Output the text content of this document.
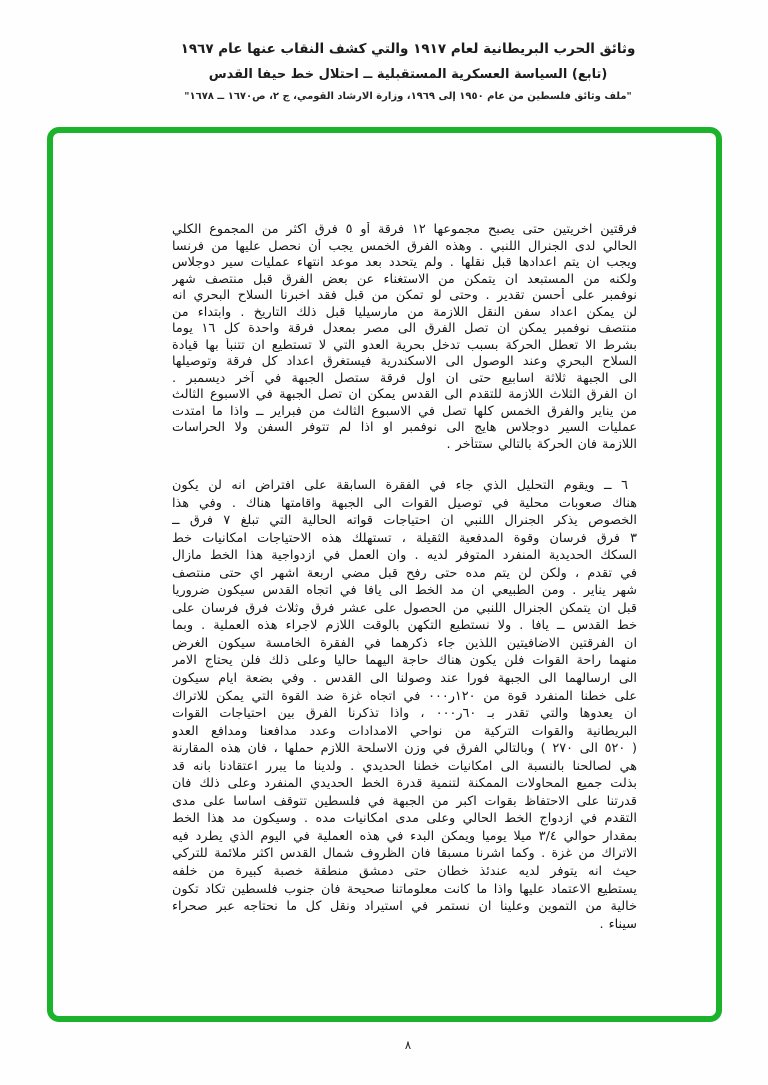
وثائق الحرب البريطانية لعام ١٩١٧ والتي كشف النقاب عنها عام ١٩٦٧
(تابع) السياسة العسكرية المستقبلية ــ احتلال خط حيفا القدس
"ملف وثائق فلسطين من عام ١٩٥٠ إلى ١٩٦٩، وزارة الارشاد القومي، ج ٢، ص١٦٧٠ ــ ١٦٧٨"
فرقتين اخريتين حتى يصبح مجموعها ١٢ فرقة أو ٥ فرق اكثر من المجموع الكلي
الحالي لدى الجنرال اللنبي . وهذه الفرق الخمس يجب أن نحصل عليها من فرنسا
ويجب ان يتم اعدادها قبل نقلها . ولم يتحدد بعد موعد انتهاء عمليات سير دوجلاس
ولكنه من المستبعد ان يتمكن من الاستغناء عن بعض الفرق قبل منتصف شهر
نوفمبر على أحسن تقدير . وحتى لو تمكن من قبل فقد اخبرنا السلاح البحري انه
لن يمكن اعداد سفن النقل اللازمة من مارسيليا قبل ذلك التاريخ . وابتداء من
منتصف نوفمبر يمكن ان تصل الفرق الى مصر بمعدل فرقة واحدة كل ١٦ يوما
بشرط الا تعطل الحركة بسبب تدخل بحرية العدو التي لا تستطيع ان تتنبأ بها قيادة
السلاح البحري وعند الوصول الى الاسكندرية فيستغرق اعداد كل فرقة وتوصيلها
الى الجبهة ثلاثة اسابيع حتى ان اول فرقة ستصل الجبهة في آخر ديسمبر .
ان الفرق الثلاث اللازمة للتقدم الى القدس يمكن ان تصل الجبهة في الاسبوع الثالث
من يناير والفرق الخمس كلها تصل في الاسبوع الثالث من فبراير ــ واذا ما امتدت
عمليات السير دوجلاس هايج الى نوفمبر او اذا لم تتوفر السفن ولا الحراسات
اللازمة فان الحركة بالتالي ستتأخر .
٦ ــ ويقوم التحليل الذي جاء في الفقرة السابقة على افتراض انه لن يكون
هناك صعوبات محلية في توصيل القوات الى الجبهة واقامتها هناك . وفي هذا
الخصوص يذكر الجنرال اللنبي ان احتياجات قواته الحالية التي تبلغ ٧ فرق ــ
٣ فرق فرسان وقوة المدفعية الثقيلة ، تستهلك هذه الاحتياجات امكانيات خط
السكك الحديدية المنفرد المتوفر لديه . وان العمل في ازدواجية هذا الخط مازال
في تقدم ، ولكن لن يتم مده حتى رفح قبل مضي اربعة اشهر اي حتى منتصف
شهر يناير . ومن الطبيعي ان مد الخط الى يافا في اتجاه القدس سيكون ضروريا
قبل ان يتمكن الجنرال اللنبي من الحصول على عشر فرق وثلاث فرق فرسان على
خط القدس ــ يافا . ولا نستطيع التكهن بالوقت اللازم لاجراء هذه العملية . وبما
ان الفرقتين الاضافيتين اللذين جاء ذكرهما في الفقرة الخامسة سيكون الغرض
منهما راحة القوات فلن يكون هناك حاجة اليهما حاليا وعلى ذلك فلن يحتاج الامر
الى ارسالهما الى الجبهة فورا عند وصولنا الى القدس . وفي بضعة ايام سيكون
على خطنا المنفرد قوة من ١٢٠ر٠٠٠ في اتجاه غزة ضد القوة التي يمكن للاتراك
ان يعدوها والتي تقدر بـ ٦٠ر٠٠٠ ، واذا تذكرنا الفرق بين احتياجات القوات
البريطانية والقوات التركية من نواحي الامدادات وعدد مدافعنا ومدافع العدو
( ٥٢٠ الى ٢٧٠ ) وبالتالي الفرق في وزن الاسلحة اللازم حملها ، فان هذه المقارنة
هي لصالحنا بالنسبة الى امكانيات خطنا الحديدي . ولدينا ما يبرر اعتقادنا بانه قد
بذلت جميع المحاولات الممكنة لتنمية قدرة الخط الحديدي المنفرد وعلى ذلك فان
قدرتنا على الاحتفاظ بقوات اكبر من الجبهة في فلسطين تتوقف اساسا على مدى
التقدم في ازدواج الخط الحالي وعلى مدى امكانيات مده . وسيكون مد هذا الخط
بمقدار حوالي ٣/٤ ميلا يوميا ويمكن البدء في هذه العملية في اليوم الذي يطرد فيه
الاتراك من غزة . وكما اشرنا مسبقا فان الظروف شمال القدس اكثر ملائمة للتركي
حيث انه يتوفر لديه عندئذ خطان حتى دمشق منطقة خصبة كبيرة من خلفه
يستطيع الاعتماد عليها واذا ما كانت معلوماتنا صحيحة فان جنوب فلسطين تكاد تكون
خالية من التموين وعلينا ان نستمر في استيراد ونقل كل ما نحتاجه عبر صحراء
سيناء .
٨
